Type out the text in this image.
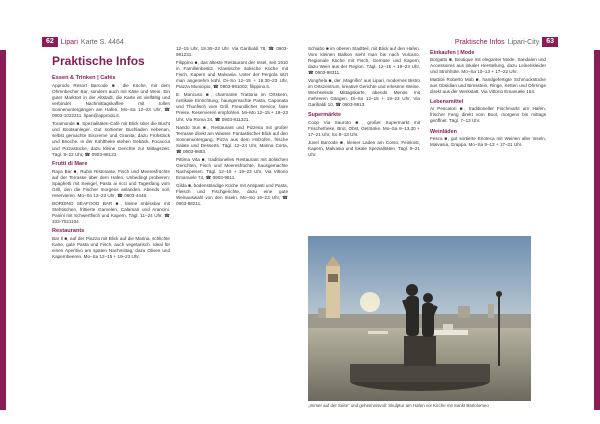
62	Lipari Karte S. 4464
Praktische Infos
Essen & Trinken | Cafés

Approdo Resort Barcode ■, die Küche, mit dem Ohrenbecher Bar, sondern auch mit Käse und Wein. Ein guter Marktort in der Altstadt, die Karte ist vielfältig und verbindet Nachmittagskaffee mit tollen Sonnenuntergängen am Hafen. Mo–Sa 12–23 Uhr, ☎ 0903-1022211. lipari@approdo.it.

Toramonde ■, Spezialitäten-Café mit Blick über die Bucht und Bootsanleger. Gut sortierter Buchladen nebenan, selbst gemachte Eiscreme und Granita, dazu Frühstück und Brioche. In der Kühltheke stehen Gebäck, Focaccia und Pizzastücke, dazu kleine Gerichte zur Mittagszeit. Tägl. 8–22 Uhr, ☎ 0903-88123.

Frutti di Mare

Raya Bar ■, Rubin Ristorante, Fisch und Meeresfrüchte auf der Terrasse über dem Hafen. Unbedingt probieren: Spaghetti mit Seeigel, Pasta ai ricci und Tagesfang vom Grill, den die Fischer morgens anlanden. Abends voll, reservieren. Mo–So 12–23 Uhr, ☎ 0903-4448.

BORDINO SEAFOOD BAR ■, kleine Imbissbar mit Stehtischen, frittierte Garnelen, Calamari und Arancini. Panini mit Schwertfisch und Kapern. Tägl. 11–24 Uhr, ☎ 333-7021104.

Restaurants

Bar Il ■, auf der Piazza mit Blick auf die Marina, schlichte Karte, gute Pasta und Fisch, auch vegetarisch. Ideal für einen Aperitivo am späten Nachmittag, dazu Oliven und Kapernbeeren. Mo–Sa 12–15 + 19–23 Uhr.

12–15 Uhr, 19.30–23 Uhr. Via Garibaldi 78, ☎ 0903-981231.

Filippino ■, das älteste Restaurant der Insel, seit 1910 in Familienbesitz. Klassische äolische Küche mit Fisch, Kapern und Malvasia. Unter der Pergola sitzt man angenehm kühl. Di–So 12–15 + 19.30–23 Uhr, Piazza Municipio, ☎ 0903-981002, filippino.it.

E. Mancuso ■, charmante Trattoria im Ortskern, rustikale Einrichtung, hausgemachte Pasta, Caponata und Thunfisch vom Grill. Freundlicher Service, faire Preise. Reservieren empfohlen. Mi–Mo 12–15 + 19–23 Uhr, Via Roma 24, ☎ 0903-811321.

Nando Sun ■, Restaurant und Pizzeria mit großer Terrasse direkt am Wasser. Fantastischer Blick auf den Sonnenuntergang, Pizza aus dem Holzofen, frische Salate und Desserts. Tägl. 12–24 Uhr, Marina Corta, ☎ 0903-9883.

Pittima Vita ■, traditionelles Restaurant mit äolischen Gerichten, Fisch und Meeresfrüchte, hausgemachte Nachspeisen. Tägl. 12–15 + 19–23 Uhr, Via Vittorio Emanuele 74, ☎ 0903-9811.

Gilda ■, bodenständige Küche mit Antipasti und Pasta, Fleisch und Fischgerichte, dazu eine gute Weinauswahl von den Inseln. Mo–So 19–23 Uhr, ☎ 0903-88211.

Praktische Infos Lipari-City	63

Schiabo ■ im oberen Stadtteil, mit Blick auf den Hafen. Vom kleinen Balkon sieht man bis nach Vulcano. Regionale Küche mit Fisch, Gemüse und Kapern, dazu Wein aus der Region. Tägl. 12–15 + 19–23 Uhr, ☎ 0903-98311.

Vonghela ■, der ‚Magnifici' aus Lipari, modernes Bistro im Ortszentrum, kreative Gerichte und erlesene Weine. Wechselnde Mittagskarte, abends Menüs mit mehreren Gängen. Di–So 12–15 + 19–23 Uhr, Via Garibaldi 10, ☎ 0903-9913.

Supermärkte

Coop Via Sauroto ■, großer Supermarkt mit Frischetheke, Brot, Obst, Getränke. Mo–Sa 8–13.30 + 17–21 Uhr, So 8–13 Uhr.

Juvel Barcode ■, kleiner Laden am Corso, Feinkost, Kapern, Malvasia und lokale Spezialitäten. Tägl. 9–21 Uhr.

Einkaufen | Mode

Borgatto ■, Boutique mit eleganter Mode, Sandalen und Accessoires aus lokaler Herstellung, dazu Leinenkleider und Strohhüte. Mo–Sa 10–13 + 17–22 Uhr.

Mattioli Roberto Mob ■, handgefertigte Schmuckstücke aus Obsidian und Bimsstein, Ringe, Ketten und Ohrringe direkt aus der Werkstatt. Via Vittorio Emanuele 154.

Lebensmittel

Ai Pescatori ■, traditioneller Fischmarkt am Hafen, frischer Fang direkt vom Boot, morgens bis mittags geöffnet. Tägl. 7–13 Uhr.

Weinläden

Fesca ■, gut sortierte Enoteca mit Weinen aller Inseln, Malvasia, Grappa. Mo–Sa 9–13 + 17–21 Uhr.

„Immer auf der Seite“ und geheimnisvoll: Skulptur am Hafen vor Kirche mit Sankt Bartolomeo
